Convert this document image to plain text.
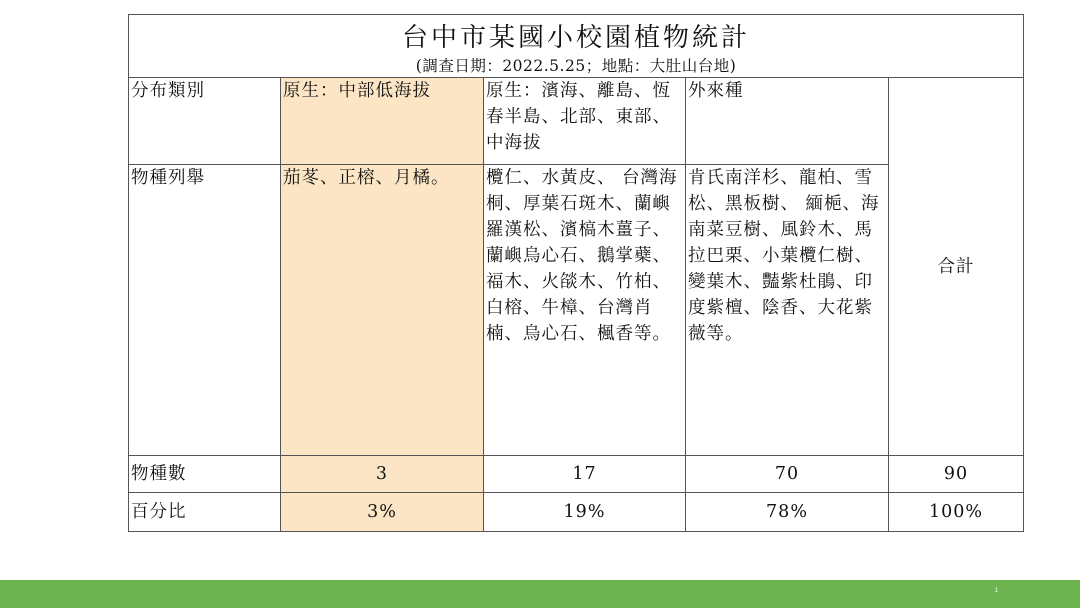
台中市某國小校園植物統計
(調查日期：2022.5.25；地點：大肚山台地)				

分布類別	原生：中部低海拔	原生：濱海、離島、恆春半島、北部、東部、中海拔	外來種	合計
物種列舉	茄苳、正榕、月橘。	欖仁、水黃皮、 台灣海桐、厚葉石斑木、蘭嶼羅漢松、濱槁木薑子、蘭嶼烏心石、鵝掌蘗、福木、火燄木、竹柏、白榕、牛樟、台灣肖楠、烏心石、楓香等。	肯氏南洋杉、龍柏、雪松、黑板樹、 緬梔、海南菜豆樹、風鈴木、馬拉巴栗、小葉欖仁樹、變葉木、豔紫杜鵑、印度紫檀、陰香、大花紫薇等。	
物種數	3	17	70	90
百分比	3%	19%	78%	100%
1
